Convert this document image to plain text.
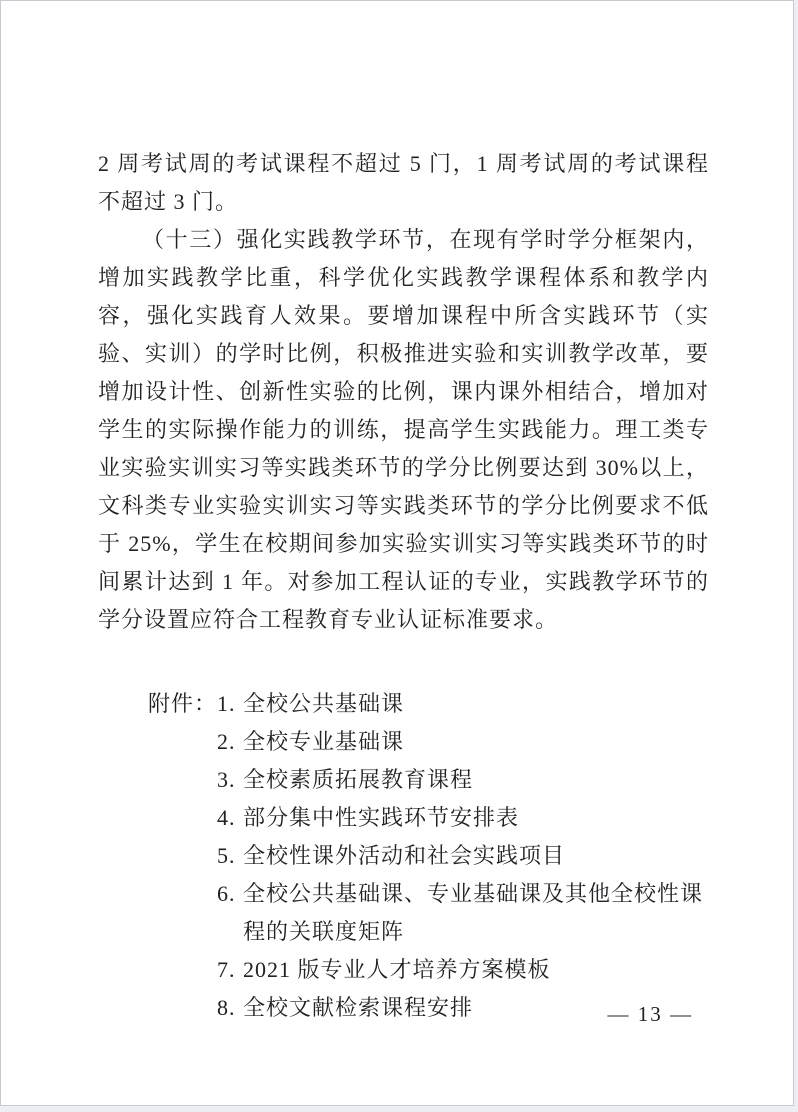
2 周考试周的考试课程不超过 5 门，1 周考试周的考试课程不超过 3 门。

（十三）强化实践教学环节，在现有学时学分框架内，增加实践教学比重，科学优化实践教学课程体系和教学内容，强化实践育人效果。要增加课程中所含实践环节（实验、实训）的学时比例，积极推进实验和实训教学改革，要增加设计性、创新性实验的比例，课内课外相结合，增加对学生的实际操作能力的训练，提高学生实践能力。理工类专业实验实训实习等实践类环节的学分比例要达到 30%以上，文科类专业实验实训实习等实践类环节的学分比例要求不低于 25%，学生在校期间参加实验实训实习等实践类环节的时间累计达到 1 年。对参加工程认证的专业，实践教学环节的学分设置应符合工程教育专业认证标准要求。

附件： 1. 全校公共基础课
2. 全校专业基础课
3. 全校素质拓展教育课程
4. 部分集中性实践环节安排表
5. 全校性课外活动和社会实践项目
6. 全校公共基础课、专业基础课及其他全校性课程的关联度矩阵
7. 2021 版专业人才培养方案模板
8. 全校文献检索课程安排	— 13 —
